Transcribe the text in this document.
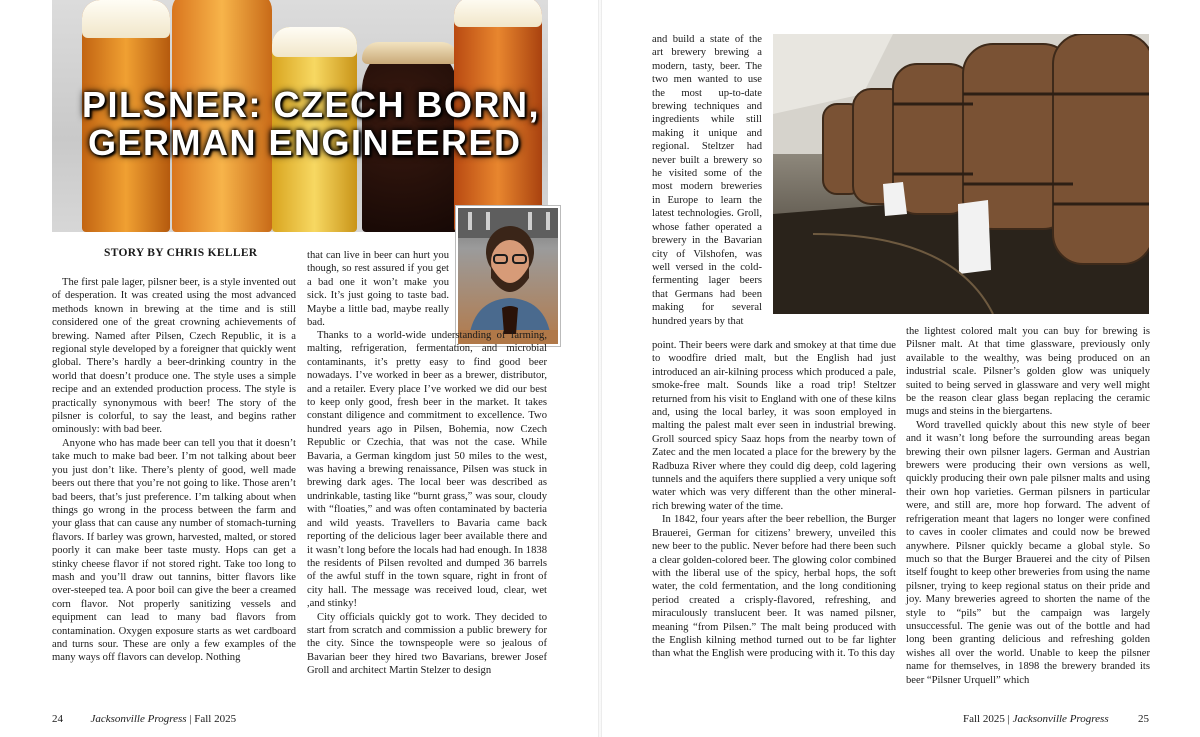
PILSNER: CZECH BORN,
GERMAN ENGINEERED
STORY BY CHRIS KELLER

The first pale lager, pilsner beer, is a style invented out of desperation. It was created using the most advanced methods known in brewing at the time and is still considered one of the great crowning achievements of brewing. Named after Pilsen, Czech Republic, it is a regional style developed by a foreigner that quickly went global. There’s hardly a beer-drinking country in the world that doesn’t produce one. The style uses a simple recipe and an extended production process. The style is practically synonymous with beer! The story of the pilsner is colorful, to say the least, and begins rather ominously: with bad beer.

Anyone who has made beer can tell you that it doesn’t take much to make bad beer. I’m not talking about beer you just don’t like. There’s plenty of good, well made beers out there that you’re not going to like. Those aren’t bad beers, that’s just preference. I’m talking about when things go wrong in the process between the farm and your glass that can cause any number of stomach-turning flavors. If barley was grown, harvested, malted, or stored poorly it can make beer taste musty. Hops can get a stinky cheese flavor if not stored right. Take too long to mash and you’ll draw out tannins, bitter flavors like over-steeped tea. A poor boil can give the beer a creamed corn flavor. Not properly sanitizing vessels and equipment can lead to many bad flavors from contamination. Oxygen exposure starts as wet cardboard and turns sour. These are only a few examples of the many ways off flavors can develop. Nothing

that can live in beer can hurt you though, so rest assured if you get a bad one it won’t make you sick. It’s just going to taste bad. Maybe a little bad, maybe really bad.

Thanks to a world-wide understanding of farming, malting, refrigeration, fermentation, and microbial contaminants, it’s pretty easy to find good beer nowadays. I’ve worked in beer as a brewer, distributor, and a retailer. Every place I’ve worked we did our best to keep only good, fresh beer in the market. It takes constant diligence and commitment to excellence. Two hundred years ago in Pilsen, Bohemia, now Czech Republic or Czechia, that was not the case. While Bavaria, a German kingdom just 50 miles to the west, was having a brewing renaissance, Pilsen was stuck in brewing dark ages. The local beer was described as undrinkable, tasting like “burnt grass,” was sour, cloudy with “floaties,” and was often contaminated by bacteria and wild yeasts. Travellers to Bavaria came back reporting of the delicious lager beer available there and it wasn’t long before the locals had had enough. In 1838 the residents of Pilsen revolted and dumped 36 barrels of the awful stuff in the town square, right in front of city hall. The message was received loud, clear, wet ,and stinky!

City officials quickly got to work. They decided to start from scratch and commission a public brewery for the city. Since the townspeople were so jealous of Bavarian beer they hired two Bavarians, brewer Josef Groll and architect Martin Stelzer to design

24	Jacksonville Progress | Fall 2025

and build a state of the art brewery brewing a modern, tasty, beer. The two men wanted to use the most up-to-date brewing techniques and ingredients while still making it unique and regional. Steltzer had never built a brewery so he visited some of the most modern breweries in Europe to learn the latest technologies. Groll, whose father operated a brewery in the Bavarian city of Vilshofen, was well versed in the cold-fermenting lager beers that Germans had been making for several hundred years by that

point. Their beers were dark and smokey at that time due to woodfire dried malt, but the English had just introduced an air-kilning process which produced a pale, smoke-free malt. Sounds like a road trip! Steltzer returned from his visit to England with one of these kilns and, using the local barley, it was soon employed in malting the palest malt ever seen in industrial brewing. Groll sourced spicy Saaz hops from the nearby town of Zatec and the men located a place for the brewery by the Radbuza River where they could dig deep, cold lagering tunnels and the aquifers there supplied a very unique soft water which was very different than the other mineral-rich brewing water of the time.

In 1842, four years after the beer rebellion, the Burger Brauerei, German for citizens’ brewery, unveiled this new beer to the public. Never before had there been such a clear golden-colored beer. The glowing color combined with the liberal use of the spicy, herbal hops, the soft water, the cold fermentation, and the long conditioning period created a crisply-flavored, refreshing, and miraculously translucent beer. It was named pilsner, meaning “from Pilsen.” The malt being produced with the English kilning method turned out to be far lighter than what the English were producing with it. To this day

the lightest colored malt you can buy for brewing is Pilsner malt. At that time glassware, previously only available to the wealthy, was being produced on an industrial scale. Pilsner’s golden glow was uniquely suited to being served in glassware and very well might be the reason clear glass began replacing the ceramic mugs and steins in the biergartens.

Word travelled quickly about this new style of beer and it wasn’t long before the surrounding areas began brewing their own pilsner lagers. German and Austrian brewers were producing their own versions as well, quickly producing their own pale pilsner malts and using their own hop varieties. German pilsners in particular were, and still are, more hop forward. The advent of refrigeration meant that lagers no longer were confined to caves in cooler climates and could now be brewed anywhere. Pilsner quickly became a global style. So much so that the Burger Brauerei and the city of Pilsen itself fought to keep other breweries from using the name pilsner, trying to keep regional status on their pride and joy. Many breweries agreed to shorten the name of the style to “pils” but the campaign was largely unsuccessful. The genie was out of the bottle and had long been granting delicious and refreshing golden wishes all over the world. Unable to keep the pilsner name for themselves, in 1898 the brewery branded its beer “Pilsner Urquell” which

Fall 2025 | Jacksonville Progress	25
